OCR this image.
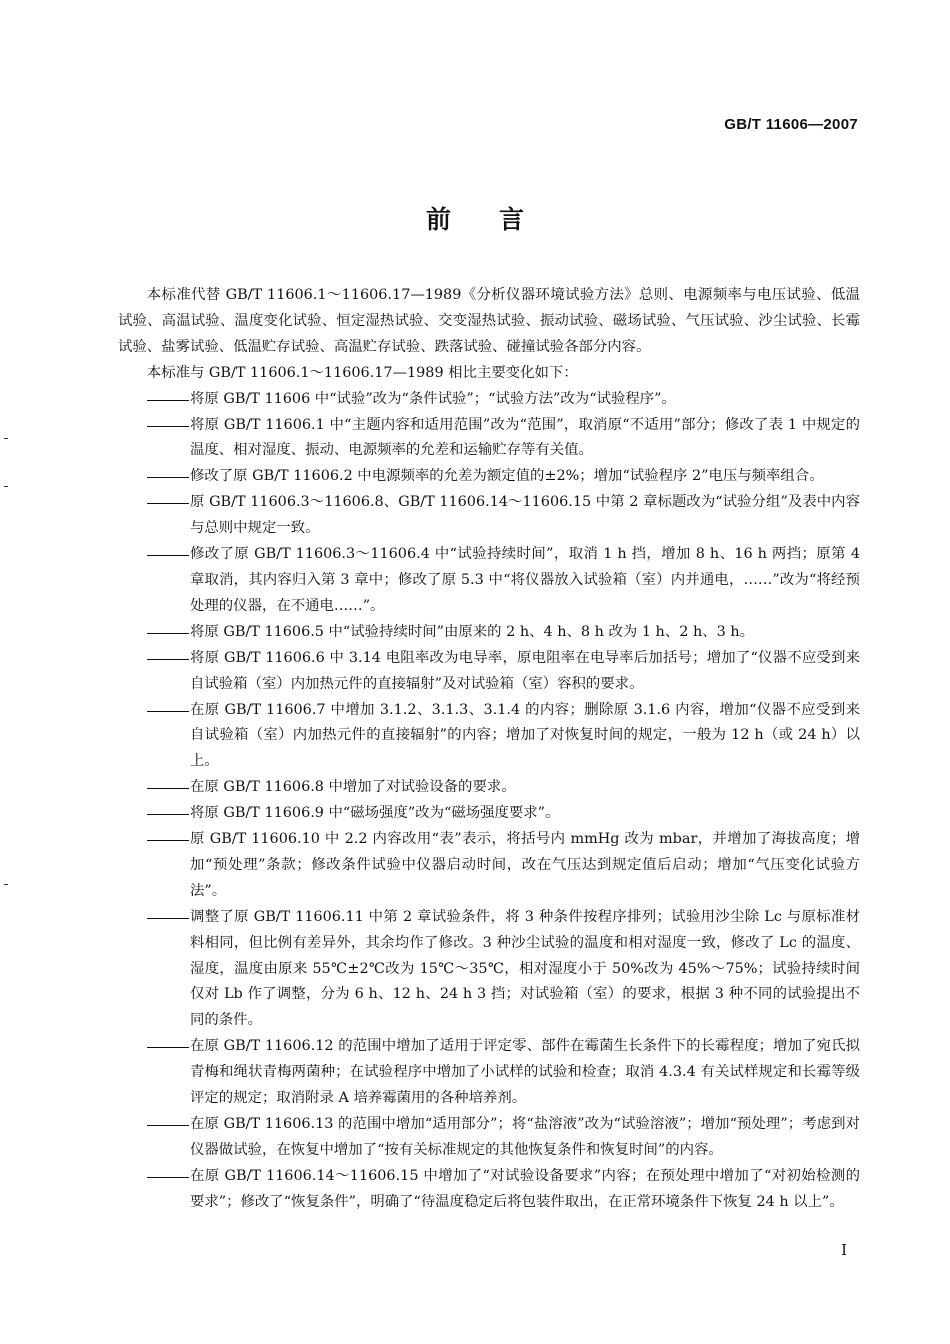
GB/T 11606—2007
前言

本标准代替 GB/T 11606.1～11606.17—1989《分析仪器环境试验方法》总则、电源频率与电压试验、低温试验、高温试验、温度变化试验、恒定湿热试验、交变湿热试验、振动试验、磁场试验、气压试验、沙尘试验、长霉试验、盐雾试验、低温贮存试验、高温贮存试验、跌落试验、碰撞试验各部分内容。

本标准与 GB/T 11606.1～11606.17—1989 相比主要变化如下：

将原 GB/T 11606 中“试验”改为“条件试验”；“试验方法”改为“试验程序”。

将原 GB/T 11606.1 中“主题内容和适用范围”改为“范围”，取消原“不适用”部分；修改了表 1 中规定的温度、相对湿度、振动、电源频率的允差和运输贮存等有关值。

修改了原 GB/T 11606.2 中电源频率的允差为额定值的±2%；增加“试验程序 2”电压与频率组合。

原 GB/T 11606.3～11606.8、GB/T 11606.14～11606.15 中第 2 章标题改为“试验分组”及表中内容与总则中规定一致。

修改了原 GB/T 11606.3～11606.4 中“试验持续时间”，取消 1 h 挡，增加 8 h、16 h 两挡；原第 4 章取消，其内容归入第 3 章中；修改了原 5.3 中“将仪器放入试验箱（室）内并通电，……”改为“将经预处理的仪器，在不通电……”。

将原 GB/T 11606.5 中“试验持续时间”由原来的 2 h、4 h、8 h 改为 1 h、2 h、3 h。

将原 GB/T 11606.6 中 3.14 电阻率改为电导率，原电阻率在电导率后加括号；增加了“仪器不应受到来自试验箱（室）内加热元件的直接辐射”及对试验箱（室）容积的要求。

在原 GB/T 11606.7 中增加 3.1.2、3.1.3、3.1.4 的内容；删除原 3.1.6 内容，增加“仪器不应受到来自试验箱（室）内加热元件的直接辐射”的内容；增加了对恢复时间的规定，一般为 12 h（或 24 h）以上。

在原 GB/T 11606.8 中增加了对试验设备的要求。

将原 GB/T 11606.9 中“磁场强度”改为“磁场强度要求”。

原 GB/T 11606.10 中 2.2 内容改用“表”表示，将括号内 mmHg 改为 mbar，并增加了海拔高度；增加“预处理”条款；修改条件试验中仪器启动时间，改在气压达到规定值后启动；增加“气压变化试验方法”。

调整了原 GB/T 11606.11 中第 2 章试验条件，将 3 种条件按程序排列；试验用沙尘除 Lc 与原标准材料相同，但比例有差异外，其余均作了修改。3 种沙尘试验的温度和相对湿度一致，修改了 Lc 的温度、湿度，温度由原来 55℃±2℃改为 15℃～35℃，相对湿度小于 50%改为 45%～75%；试验持续时间仅对 Lb 作了调整，分为 6 h、12 h、24 h 3 挡；对试验箱（室）的要求，根据 3 种不同的试验提出不同的条件。

在原 GB/T 11606.12 的范围中增加了适用于评定零、部件在霉菌生长条件下的长霉程度；增加了宛氏拟青梅和绳状青梅两菌种；在试验程序中增加了小试样的试验和检查；取消 4.3.4 有关试样规定和长霉等级评定的规定；取消附录 A 培养霉菌用的各种培养剂。

在原 GB/T 11606.13 的范围中增加“适用部分”；将“盐溶液”改为“试验溶液”；增加“预处理”；考虑到对仪器做试验，在恢复中增加了“按有关标准规定的其他恢复条件和恢复时间”的内容。

在原 GB/T 11606.14～11606.15 中增加了“对试验设备要求”内容；在预处理中增加了“对初始检测的要求”；修改了“恢复条件”，明确了“待温度稳定后将包装件取出，在正常环境条件下恢复 24 h 以上”。

I
